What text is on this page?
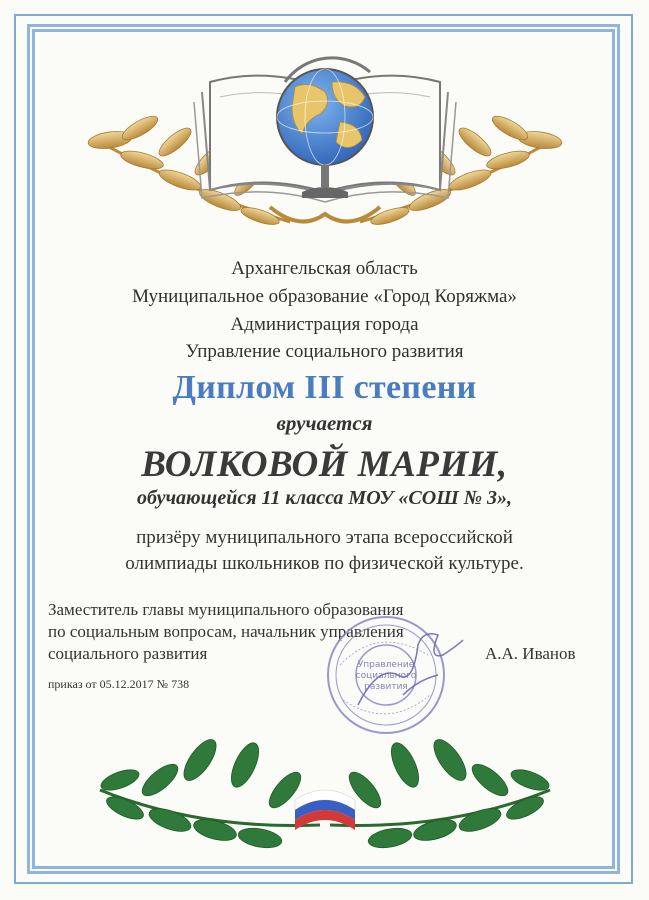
Архангельская область
Муниципальное образование «Город Коряжма»
Администрация города
Управление социального развития
Диплом III степени
вручается
ВОЛКОВОЙ МАРИИ,
обучающейся 11 класса МОУ «СОШ № 3»,
призёру муниципального этапа всероссийской
олимпиады школьников по физической культуре.
Заместитель главы муниципального образования
по социальным вопросам, начальник управления
социального развития	А.А. Иванов
Управление
социального
развития
приказ от 05.12.2017 № 738
